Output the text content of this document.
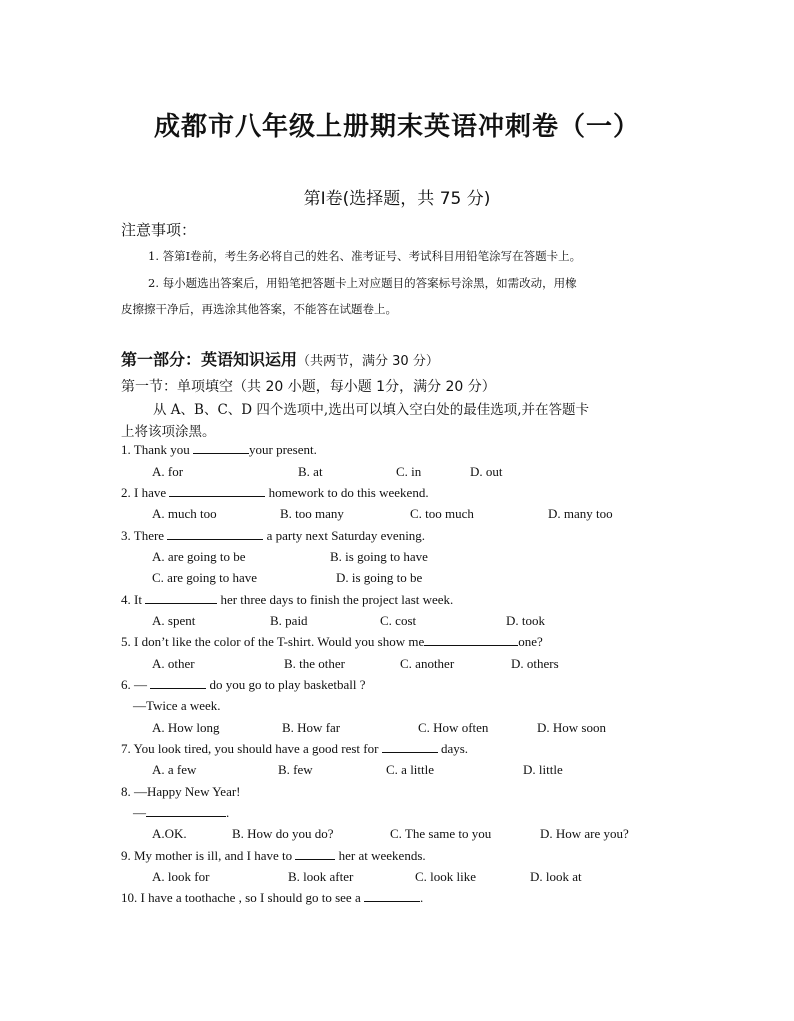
成都市八年级上册期末英语冲刺卷（一）
第Ⅰ卷(选择题，共 75 分)
注意事项：
1. 答第Ⅰ卷前，考生务必将自己的姓名、准考证号、考试科目用铅笔涂写在答题卡上。
2. 每小题选出答案后，用铅笔把答题卡上对应题目的答案标号涂黑，如需改动，用橡
皮擦擦干净后，再选涂其他答案，不能答在试题卷上。
第一部分：英语知识运用（共两节，满分 30 分）
第一节：单项填空（共 20 小题，每小题 1分，满分 20 分）
从 A、B、C、D 四个选项中,选出可以填入空白处的最佳选项,并在答题卡
上将该项涂黑。
1. Thank you	your present.
A. for	B. at	C. in	D. out
2. I have	homework to do this weekend.
A. much too	B. too many	C. too much	D. many too
3. There	a party next Saturday evening.
A. are going to be	B. is going to have
C. are going to have	D. is going to be
4. It	her three days to finish the project last week.
A. spent	B. paid	C. cost	D. took
5. I don’t like the color of the T-shirt. Would you show me	one?
A. other	B. the other	C. another	D. others
6. —	do you go to play basketball ?
—Twice a week.
A. How long	B. How far	C. How often	D. How soon
7. You look tired, you should have a good rest for	days.
A. a few	B. few	C. a little	D. little
8. —Happy New Year!
—	.
A.OK.	B. How do you do?	C. The same to you	D. How are you?
9. My mother is ill, and I have to	her at weekends.
A. look for	B. look after	C. look like	D. look at
10. I have a toothache , so I should go to see a	.
